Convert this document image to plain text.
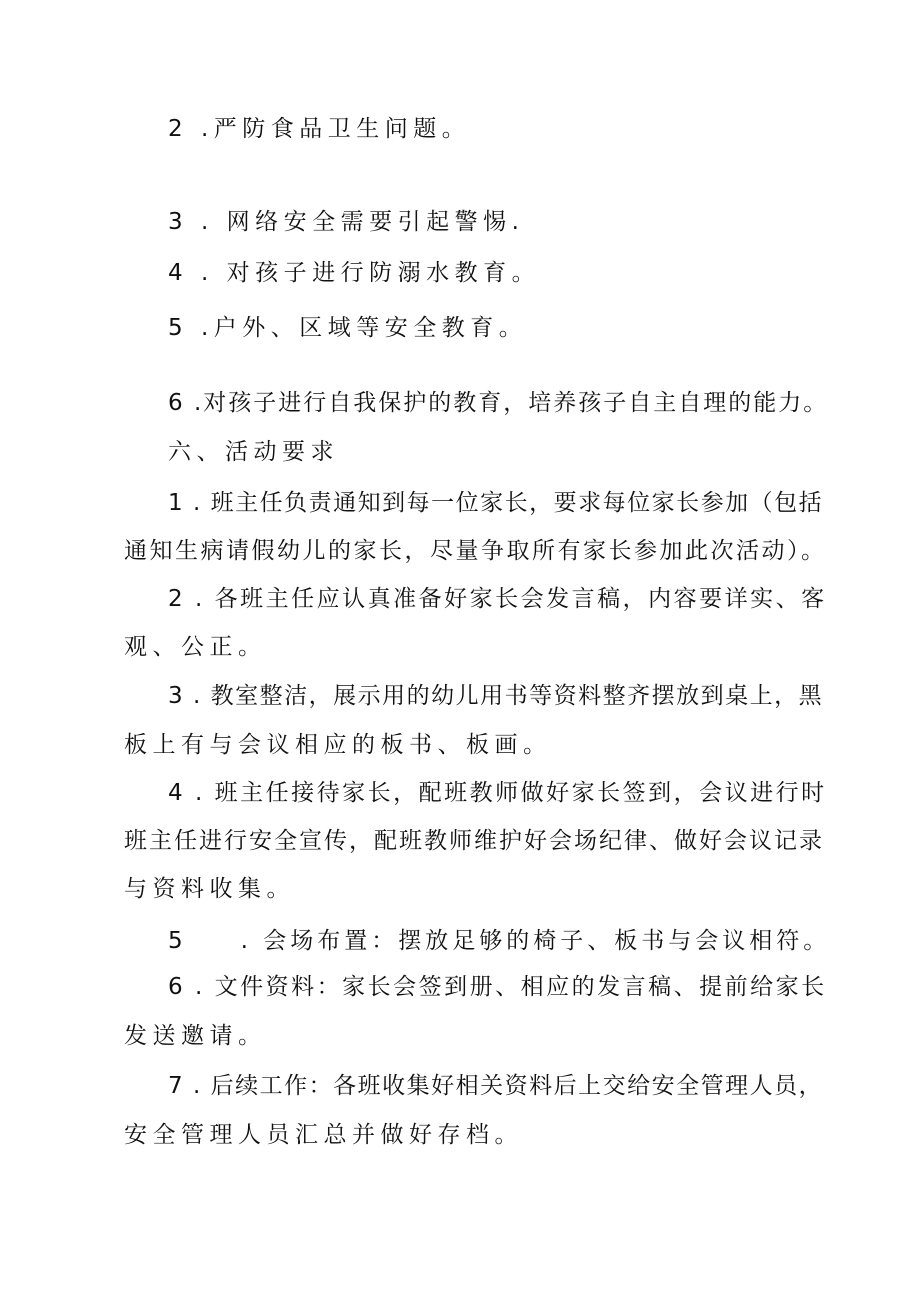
2 .严防食品卫生问题。
3 . 网络安全需要引起警惕.
4 . 对孩子进行防溺水教育。
5 .户外、区域等安全教育。
6 .对孩子进行自我保护的教育，培养孩子自主自理的能力。
六、活动要求
1 . 班主任负责通知到每一位家长，要求每位家长参加（包括
通知生病请假幼儿的家长，尽量争取所有家长参加此次活动）。
2 . 各班主任应认真准备好家长会发言稿，内容要详实、客
观、公正。
3 . 教室整洁，展示用的幼儿用书等资料整齐摆放到桌上，黑
板上有与会议相应的板书、板画。
4 . 班主任接待家长，配班教师做好家长签到，会议进行时
班主任进行安全宣传，配班教师维护好会场纪律、做好会议记录
与资料收集。
5　　. 会场布置：摆放足够的椅子、板书与会议相符。
6 . 文件资料：家长会签到册、相应的发言稿、提前给家长
发送邀请。
7 . 后续工作：各班收集好相关资料后上交给安全管理人员，
安全管理人员汇总并做好存档。
